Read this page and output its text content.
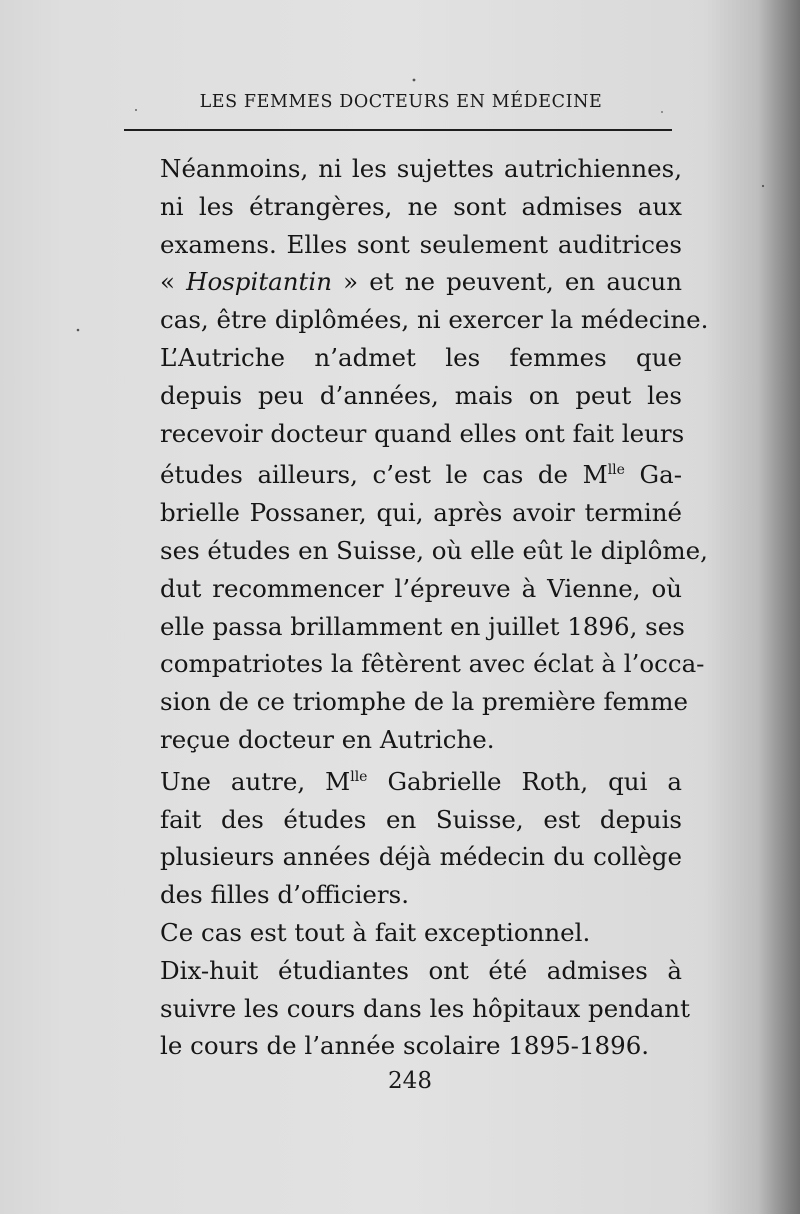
LES FEMMES DOCTEURS EN MÉDECINE

Néanmoins, ni les sujettes autrichiennes,
ni les étrangères, ne sont admises aux
examens. Elles sont seulement auditrices
« Hospitantin » et ne peuvent, en aucun
cas, être diplômées, ni exercer la médecine.

L’Autriche n’admet les femmes que
depuis peu d’années, mais on peut les
recevoir docteur quand elles ont fait leurs
études ailleurs, c’est le cas de $M^{lle}$ Ga-
brielle Possaner, qui, après avoir terminé
ses études en Suisse, où elle eût le diplôme,
dut recommencer l’épreuve à Vienne, où
elle passa brillamment en juillet 1896, ses
compatriotes la fêtèrent avec éclat à l’occa-
sion de ce triomphe de la première femme
reçue docteur en Autriche.

Une autre, $M^{lle}$ Gabrielle Roth, qui a
fait des études en Suisse, est depuis
plusieurs années déjà médecin du collège
des filles d’officiers.

Ce cas est tout à fait exceptionnel.

Dix-huit étudiantes ont été admises à
suivre les cours dans les hôpitaux pendant
le cours de l’année scolaire 1895-1896.

248
